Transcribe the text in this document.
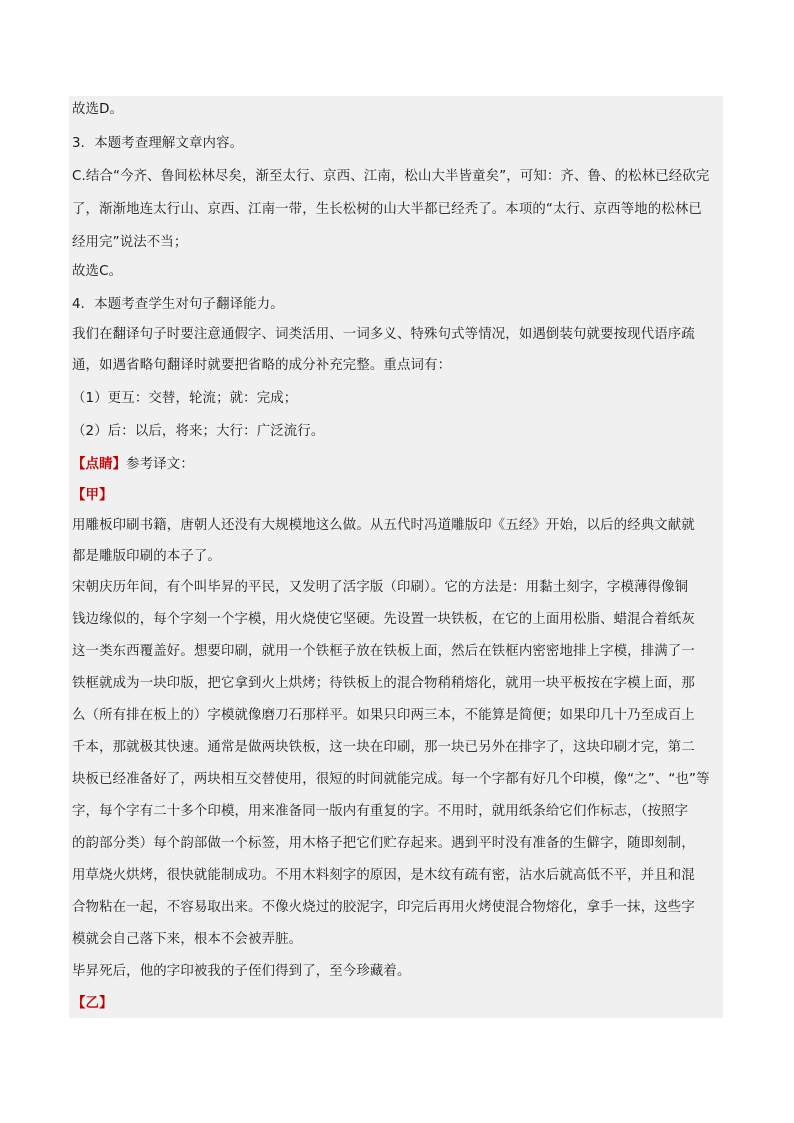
故选D。
3．本题考查理解文章内容。
C.结合“今齐、鲁间松林尽矣，渐至太行、京西、江南，松山大半皆童矣”，可知：齐、鲁、的松林已经砍完
了，渐渐地连太行山、京西、江南一带，生长松树的山大半都已经秃了。本项的“太行、京西等地的松林已
经用完”说法不当；
故选C。
4．本题考查学生对句子翻译能力。
我们在翻译句子时要注意通假字、词类活用、一词多义、特殊句式等情况，如遇倒装句就要按现代语序疏
通，如遇省略句翻译时就要把省略的成分补充完整。重点词有：
（1）更互：交替，轮流；就：完成；
（2）后：以后，将来；大行：广泛流行。
【点睛】参考译文：
【甲】
用雕板印刷书籍，唐朝人还没有大规模地这么做。从五代时冯道雕版印《五经》开始，以后的经典文献就
都是雕版印刷的本子了。
宋朝庆历年间，有个叫毕昇的平民，又发明了活字版（印刷）。它的方法是：用黏土刻字，字模薄得像铜
钱边缘似的，每个字刻一个字模，用火烧使它坚硬。先设置一块铁板，在它的上面用松脂、蜡混合着纸灰
这一类东西覆盖好。想要印刷，就用一个铁框子放在铁板上面，然后在铁框内密密地排上字模，排满了一
铁框就成为一块印版，把它拿到火上烘烤；待铁板上的混合物稍稍熔化，就用一块平板按在字模上面，那
么（所有排在板上的）字模就像磨刀石那样平。如果只印两三本，不能算是简便；如果印几十乃至成百上
千本，那就极其快速。通常是做两块铁板，这一块在印刷，那一块已另外在排字了，这块印刷才完，第二
块板已经准备好了，两块相互交替使用，很短的时间就能完成。每一个字都有好几个印模，像“之”、“也”等
字，每个字有二十多个印模，用来准备同一版内有重复的字。不用时，就用纸条给它们作标志，（按照字
的韵部分类）每个韵部做一个标签，用木格子把它们贮存起来。遇到平时没有准备的生僻字，随即刻制，
用草烧火烘烤，很快就能制成功。不用木料刻字的原因，是木纹有疏有密，沾水后就高低不平，并且和混
合物粘在一起，不容易取出来。不像火烧过的胶泥字，印完后再用火烤使混合物熔化，拿手一抹，这些字
模就会自己落下来，根本不会被弄脏。
毕昇死后，他的字印被我的子侄们得到了，至今珍藏着。
【乙】
